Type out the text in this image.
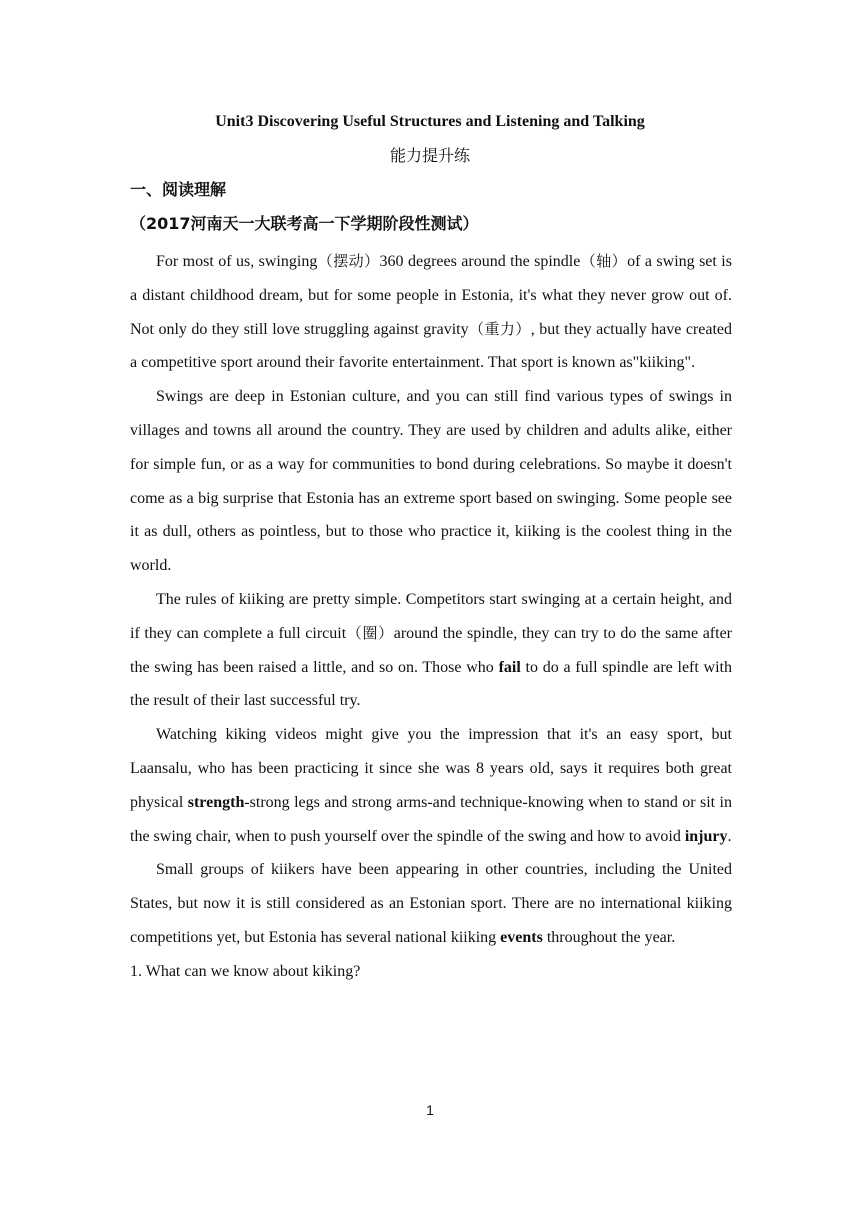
Unit3 Discovering Useful Structures and Listening and Talking
能力提升练
一、阅读理解
（2017河南天一大联考高一下学期阶段性测试）

For most of us, swinging（摆动）360 degrees around the spindle（轴）of a swing set is a distant childhood dream, but for some people in Estonia, it's what they never grow out of. Not only do they still love struggling against gravity（重力）, but they actually have created a competitive sport around their favorite entertainment. That sport is known as"kiiking".

Swings are deep in Estonian culture, and you can still find various types of swings in villages and towns all around the country. They are used by children and adults alike, either for simple fun, or as a way for communities to bond during celebrations. So maybe it doesn't come as a big surprise that Estonia has an extreme sport based on swinging. Some people see it as dull, others as pointless, but to those who practice it, kiiking is the coolest thing in the world.

The rules of kiiking are pretty simple. Competitors start swinging at a certain height, and if they can complete a full circuit（圈）around the spindle, they can try to do the same after the swing has been raised a little, and so on. Those who fail to do a full spindle are left with the result of their last successful try.

Watching kiking videos might give you the impression that it's an easy sport, but Laansalu, who has been practicing it since she was 8 years old, says it requires both great physical strength-strong legs and strong arms-and technique-knowing when to stand or sit in the swing chair, when to push yourself over the spindle of the swing and how to avoid injury.

Small groups of kiikers have been appearing in other countries, including the United States, but now it is still considered as an Estonian sport. There are no international kiiking competitions yet, but Estonia has several national kiiking events throughout the year.

1. What can we know about kiking?

1
